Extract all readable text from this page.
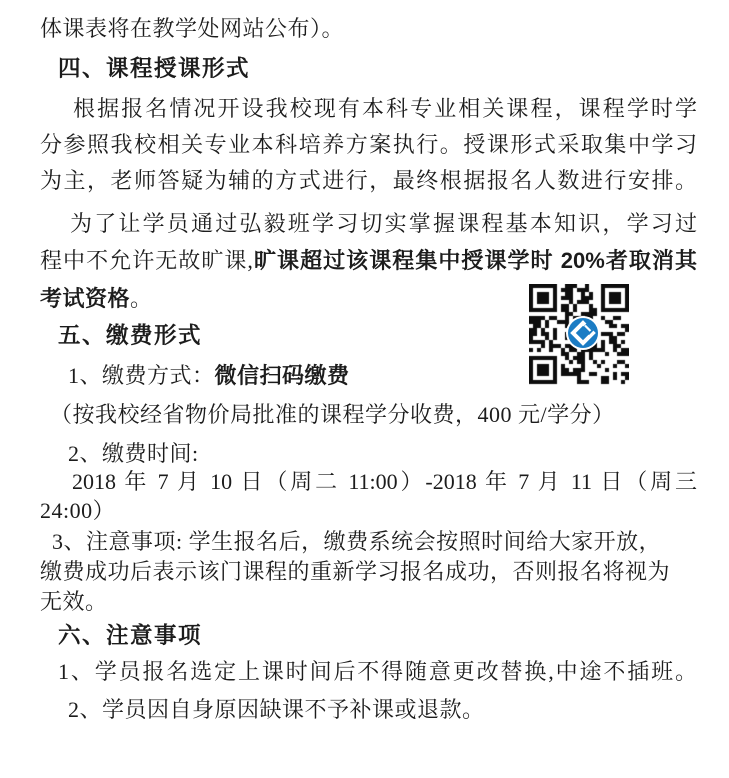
体课表将在教学处网站公布）。
四、课程授课形式
根据报名情况开设我校现有本科专业相关课程，课程学时学
分参照我校相关专业本科培养方案执行。授课形式采取集中学习
为主，老师答疑为辅的方式进行，最终根据报名人数进行安排。
为了让学员通过弘毅班学习切实掌握课程基本知识，学习过
程中不允许无故旷课,旷课超过该课程集中授课学时 20%者取消其
考试资格。
五、缴费形式
1、缴费方式：微信扫码缴费
（按我校经省物价局批准的课程学分收费，400 元/学分）
2、缴费时间:
2018 年 7 月 10 日（周二 11:00）-2018 年 7 月 11 日（周三
24:00）
3、注意事项: 学生报名后，缴费系统会按照时间给大家开放，
缴费成功后表示该门课程的重新学习报名成功，否则报名将视为
无效。
六、注意事项
1、学员报名选定上课时间后不得随意更改替换,中途不插班。
2、学员因自身原因缺课不予补课或退款。
